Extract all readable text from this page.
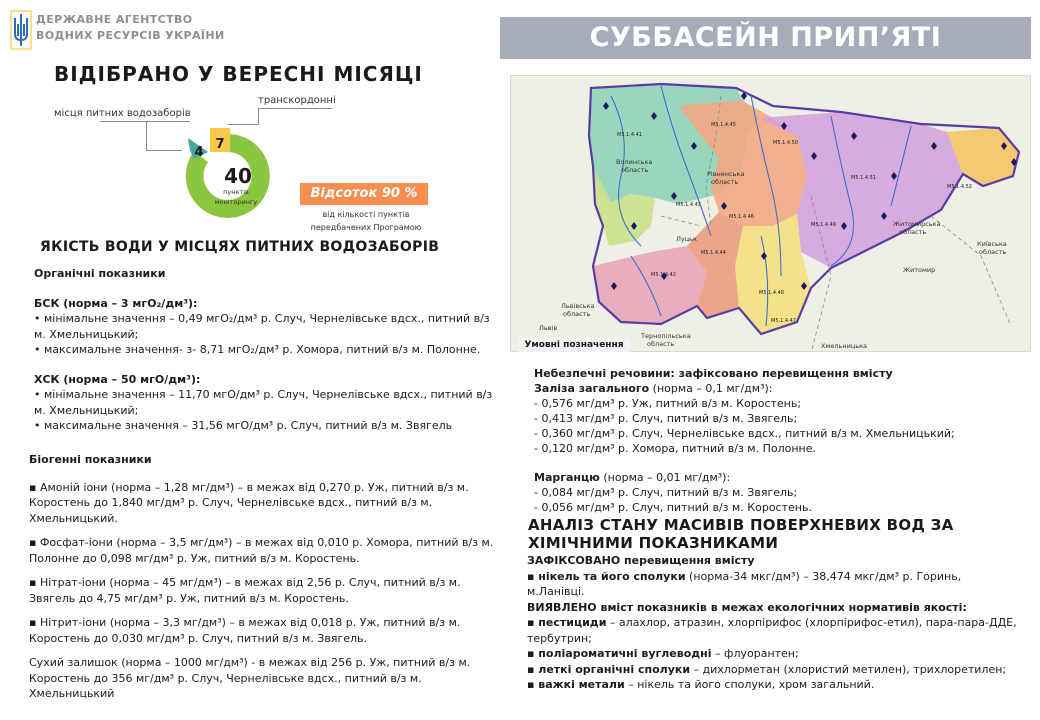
ДЕРЖАВНЕ АГЕНТСТВО
ВОДНИХ РЕСУРСІВ УКРАЇНИ	СУББАСЕЙН ПРИП’ЯТІ
ВІДІБРАНО У ВЕРЕСНІ МІСЯЦІ
місця питних водозаборів
транскордонні
4
7
40
пунктів
моніторингу
Відсоток 90 %
від кількості пунктів
передбачених Програмою
ЯКІСТЬ ВОДИ У МІСЦЯХ ПИТНИХ ВОДОЗАБОРІВ
Органічні показники
БСК (норма – 3 мгО₂/дм³):
• мінімальне значення – 0,49 мгО₂/дм³ р. Случ, Чернелівське вдсх., питний в/з м. Хмельницький;
• максимальне значення- з- 8,71 мгО₂/дм³ р. Хомора, питний в/з м. Полонне.
ХСК (норма – 50 мгО/дм³):
• мінімальне значення – 11,70 мгО/дм³ р. Случ, Чернелівське вдсх., питний в/з м. Хмельницький;
• максимальне значення – 31,56 мгО/дм³ р. Случ, питний в/з м. Звягель
Біогенні показники
▪ Амоній іони (норма – 1,28 мг/дм³) – в межах від 0,270 р. Уж, питний в/з м. Коростень до 1,840 мг/дм³ р. Случ, Чернелівське вдсх., питний в/з м. Хмельницький.
▪ Фосфат-іони (норма – 3,5 мг/дм³) – в межах від 0,010 р. Хомора, питний в/з м. Полонне до 0,098 мг/дм³ р. Уж, питний в/з м. Коростень.
▪ Нітрат-іони (норма – 45 мг/дм³) – в межах від 2,56 р. Случ, питний в/з м. Звягель до 4,75 мг/дм³ р. Уж, питний в/з м. Коростень.
▪ Нітрит-іони (норма – 3,3 мг/дм³) – в межах від 0,018 р. Уж, питний в/з м. Коростень до 0,030 мг/дм³ р. Случ, питний в/з м. Звягель.
Сухий залишок (норма – 1000 мг/дм³) - в межах від 256 р. Уж, питний в/з м. Коростень до 356 мг/дм³ р. Случ, Чернелівське вдсх., питний в/з м. Хмельницький
Волинська
область	Рівненська
область
Житомирська
область
Київська
область
Хмельницька
Львівська
область
Тернопільська
область
Луцьк
Житомир
Львів
M5.1.4.45
M5.1.4.43
M5.1.4.50
M5.1.4.51
M5.1.4.52
M5.1.4.46
M5.1.4.42
M5.1.4.47
M5.1.4.48
M5.1.4.41
M5.1.4.44
M5.1.4.49
Умовні позначення
Небезпечні речовини: зафіксовано перевищення вмісту
Заліза загального (норма – 0,1 мг/дм³):
- 0,576 мг/дм³ р. Уж, питний в/з м. Коростень;
- 0,413 мг/дм³ р. Случ, питний в/з м. Звягель;
- 0,360 мг/дм³ р. Случ, Чернелівське вдсх., питний в/з м. Хмельницький;
- 0,120 мг/дм³ р. Хомора, питний в/з м. Полонне.
Марганцю (норма – 0,01 мг/дм³):
- 0,084 мг/дм³ р. Случ, питний в/з м. Звягель;
- 0,056 мг/дм³ р. Случ, питний в/з м. Коростень.
АНАЛІЗ СТАНУ МАСИВІВ ПОВЕРХНЕВИХ ВОД ЗА
ХІМІЧНИМИ ПОКАЗНИКАМИ
ЗАФІКСОВАНО перевищення вмісту
▪ нікель та його сполуки (норма-34 мкг/дм³) – 38,474 мкг/дм³ р. Горинь, м.Ланівці.
ВИЯВЛЕНО вміст показників в межах екологічних нормативів якості:
▪ пестициди – алахлор, атразин, хлорпірифос (хлорпірифос-етил), пара-пара-ДДЕ, тербутрин;
▪ поліароматичні вуглеводні – флуорантен;
▪ леткі органічні сполуки – дихлорметан (хлористий метилен), трихлоретилен;
▪ важкі метали – нікель та його сполуки, хром загальний.
